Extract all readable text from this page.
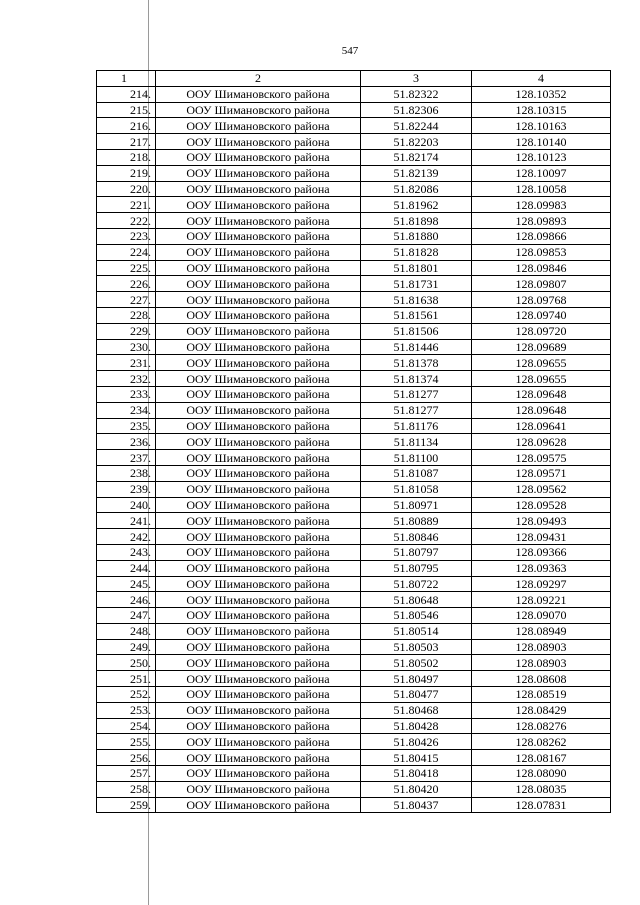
547
1	2	3	4
214.	ООУ Шимановского района	51.82322	128.10352
215.	ООУ Шимановского района	51.82306	128.10315
216.	ООУ Шимановского района	51.82244	128.10163
217.	ООУ Шимановского района	51.82203	128.10140
218.	ООУ Шимановского района	51.82174	128.10123
219.	ООУ Шимановского района	51.82139	128.10097
220.	ООУ Шимановского района	51.82086	128.10058
221.	ООУ Шимановского района	51.81962	128.09983
222.	ООУ Шимановского района	51.81898	128.09893
223.	ООУ Шимановского района	51.81880	128.09866
224.	ООУ Шимановского района	51.81828	128.09853
225.	ООУ Шимановского района	51.81801	128.09846
226.	ООУ Шимановского района	51.81731	128.09807
227.	ООУ Шимановского района	51.81638	128.09768
228.	ООУ Шимановского района	51.81561	128.09740
229.	ООУ Шимановского района	51.81506	128.09720
230.	ООУ Шимановского района	51.81446	128.09689
231.	ООУ Шимановского района	51.81378	128.09655
232.	ООУ Шимановского района	51.81374	128.09655
233.	ООУ Шимановского района	51.81277	128.09648
234.	ООУ Шимановского района	51.81277	128.09648
235.	ООУ Шимановского района	51.81176	128.09641
236.	ООУ Шимановского района	51.81134	128.09628
237.	ООУ Шимановского района	51.81100	128.09575
238.	ООУ Шимановского района	51.81087	128.09571
239.	ООУ Шимановского района	51.81058	128.09562
240.	ООУ Шимановского района	51.80971	128.09528
241.	ООУ Шимановского района	51.80889	128.09493
242.	ООУ Шимановского района	51.80846	128.09431
243.	ООУ Шимановского района	51.80797	128.09366
244.	ООУ Шимановского района	51.80795	128.09363
245.	ООУ Шимановского района	51.80722	128.09297
246.	ООУ Шимановского района	51.80648	128.09221
247.	ООУ Шимановского района	51.80546	128.09070
248.	ООУ Шимановского района	51.80514	128.08949
249.	ООУ Шимановского района	51.80503	128.08903
250.	ООУ Шимановского района	51.80502	128.08903
251.	ООУ Шимановского района	51.80497	128.08608
252.	ООУ Шимановского района	51.80477	128.08519
253.	ООУ Шимановского района	51.80468	128.08429
254.	ООУ Шимановского района	51.80428	128.08276
255.	ООУ Шимановского района	51.80426	128.08262
256.	ООУ Шимановского района	51.80415	128.08167
257.	ООУ Шимановского района	51.80418	128.08090
258.	ООУ Шимановского района	51.80420	128.08035
259.	ООУ Шимановского района	51.80437	128.07831
